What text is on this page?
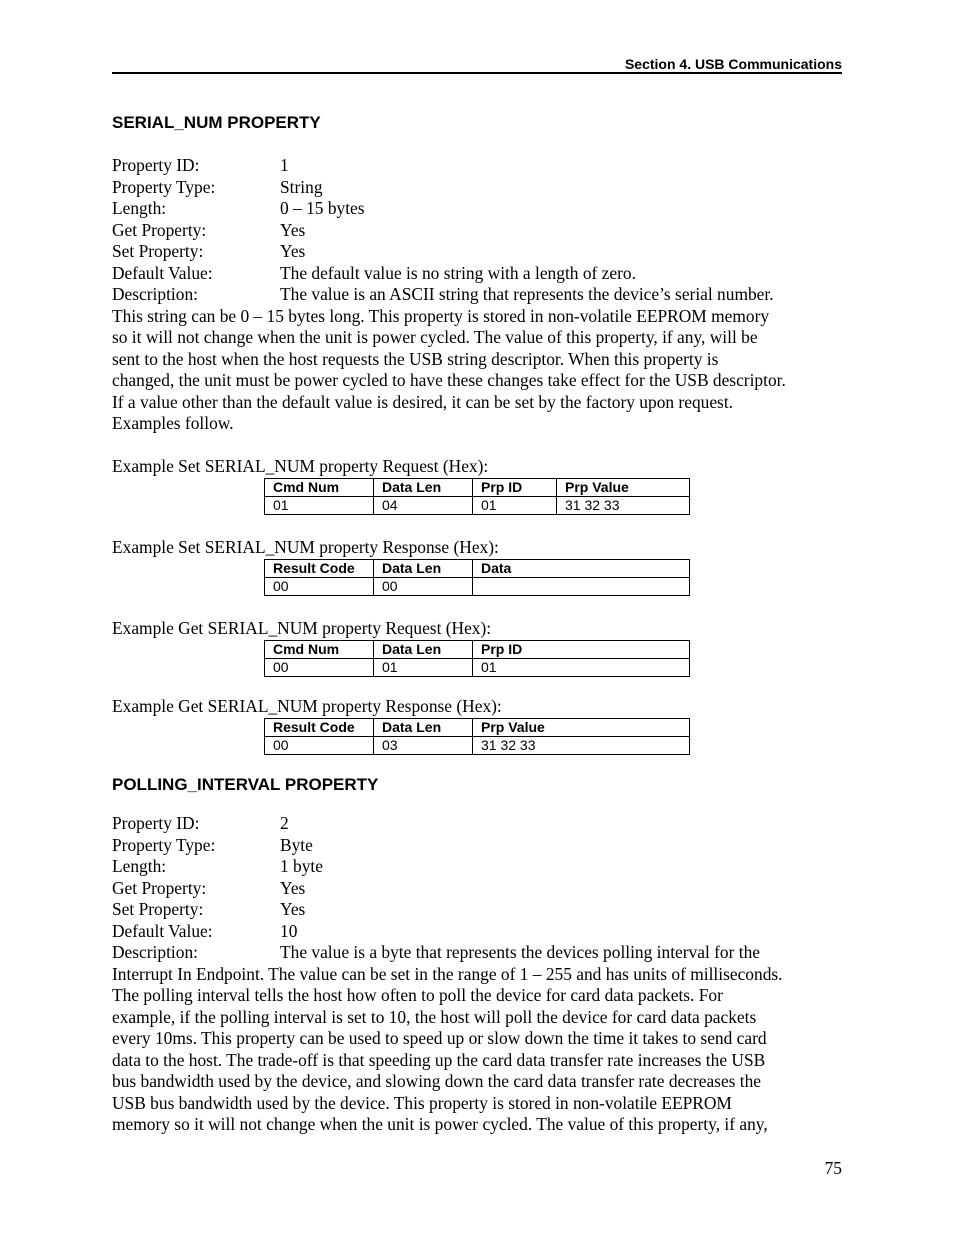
Section 4. USB Communications
SERIAL_NUM PROPERTY
Property ID:	1
Property Type:	String
Length:	0 – 15 bytes
Get Property:	Yes
Set Property:	Yes
Default Value:	The default value is no string with a length of zero.
Description:	The value is an ASCII string that represents the device’s serial number.
This string can be 0 – 15 bytes long. This property is stored in non-volatile EEPROM memory
so it will not change when the unit is power cycled. The value of this property, if any, will be
sent to the host when the host requests the USB string descriptor. When this property is
changed, the unit must be power cycled to have these changes take effect for the USB descriptor.
If a value other than the default value is desired, it can be set by the factory upon request.
Examples follow.
Example Set SERIAL_NUM property Request (Hex):
Cmd Num	Data Len	Prp ID	Prp Value
01	04	01	31 32 33
Example Set SERIAL_NUM property Response (Hex):
Result Code	Data Len	Data
00	00	
Example Get SERIAL_NUM property Request (Hex):
Cmd Num	Data Len	Prp ID
00	01	01
Example Get SERIAL_NUM property Response (Hex):
Result Code	Data Len	Prp Value
00	03	31 32 33
POLLING_INTERVAL PROPERTY
Property ID:	2
Property Type:	Byte
Length:	1 byte
Get Property:	Yes
Set Property:	Yes
Default Value:	10
Description:	The value is a byte that represents the devices polling interval for the
Interrupt In Endpoint. The value can be set in the range of 1 – 255 and has units of milliseconds.
The polling interval tells the host how often to poll the device for card data packets. For
example, if the polling interval is set to 10, the host will poll the device for card data packets
every 10ms. This property can be used to speed up or slow down the time it takes to send card
data to the host. The trade-off is that speeding up the card data transfer rate increases the USB
bus bandwidth used by the device, and slowing down the card data transfer rate decreases the
USB bus bandwidth used by the device. This property is stored in non-volatile EEPROM
memory so it will not change when the unit is power cycled. The value of this property, if any,
75
